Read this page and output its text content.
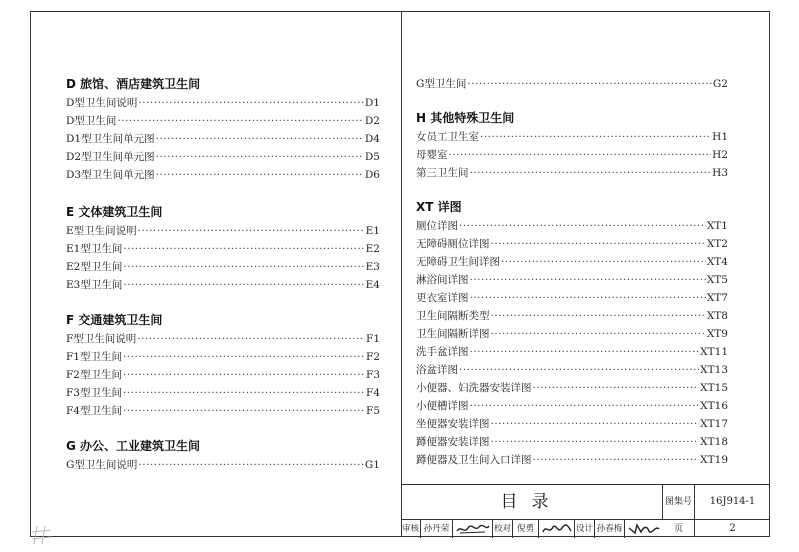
D 旅馆、酒店建筑卫生间
D型卫生间说明 ·····	D1
D型卫生间 ·····	D2
D1型卫生间单元图 ·····	D4
D2型卫生间单元图 ·····	D5
D3型卫生间单元图 ·····	D6
E 文体建筑卫生间
E型卫生间说明 ·····	E1
E1型卫生间 ·····	E2
E2型卫生间 ·····	E3
E3型卫生间 ·····	E4
F 交通建筑卫生间
F型卫生间说明 ·····	F1
F1型卫生间 ·····	F2
F2型卫生间 ·····	F3
F3型卫生间 ·····	F4
F4型卫生间 ·····	F5
G 办公、工业建筑卫生间
G型卫生间说明 ·····	G1
G型卫生间 ·····	G2
H 其他特殊卫生间
女员工卫生室 ·····	H1
母婴室 ·····	H2
第三卫生间 ·····	H3
XT 详图
厕位详图 ·····	XT1
无障碍厕位详图 ·····	XT2
无障碍卫生间详图 ·····	XT4
淋浴间详图 ·····	XT5
更衣室详图 ·····	XT7
卫生间隔断类型 ·····	XT8
卫生间隔断详图 ·····	XT9
洗手盆详图 ·····	XT11
浴盆详图 ·····	XT13
小便器、妇洗器安装详图 ·····	XT15
小便槽详图 ·····	XT16
坐便器安装详图 ·····	XT17
蹲便器安装详图 ·····	XT18
蹲便器及卫生间入口详图 ·····	XT19
目录	图集号	16J914-1
审核 孙丹荣	校对 倪勇	设计 孙春梅	页	2
